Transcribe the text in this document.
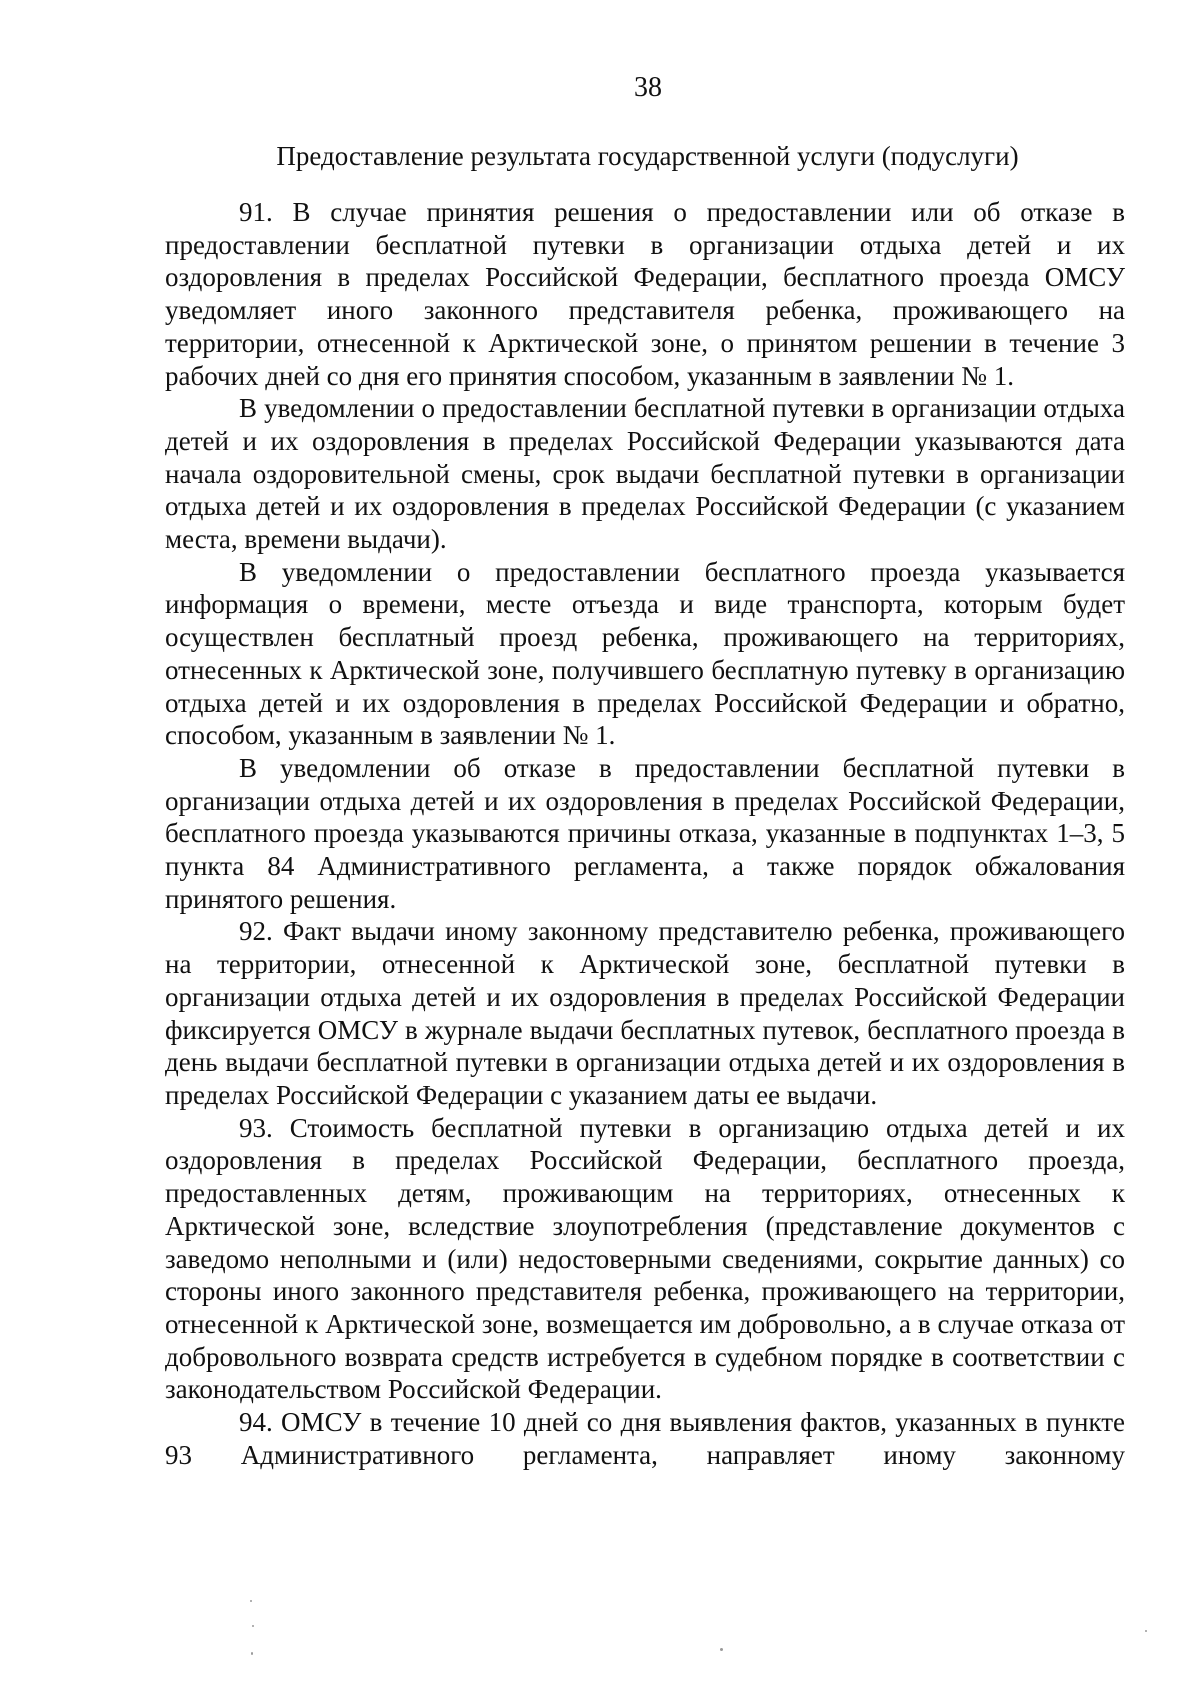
38
Предоставление результата государственной услуги (подуслуги)

91. В случае принятия решения о предоставлении или об отказе в предоставлении бесплатной путевки в организации отдыха детей и их оздоровления в пределах Российской Федерации, бесплатного проезда ОМСУ уведомляет иного законного представителя ребенка, проживающего на территории, отнесенной к Арктической зоне, о принятом решении в течение 3 рабочих дней со дня его принятия способом, указанным в заявлении № 1.

В уведомлении о предоставлении бесплатной путевки в организации отдыха детей и их оздоровления в пределах Российской Федерации указываются дата начала оздоровительной смены, срок выдачи бесплатной путевки в организации отдыха детей и их оздоровления в пределах Российской Федерации (с указанием места, времени выдачи).

В уведомлении о предоставлении бесплатного проезда указывается информация о времени, месте отъезда и виде транспорта, которым будет осуществлен бесплатный проезд ребенка, проживающего на территориях, отнесенных к Арктической зоне, получившего бесплатную путевку в организацию отдыха детей и их оздоровления в пределах Российской Федерации и обратно, способом, указанным в заявлении № 1.

В уведомлении об отказе в предоставлении бесплатной путевки в организации отдыха детей и их оздоровления в пределах Российской Федерации, бесплатного проезда указываются причины отказа, указанные в подпунктах 1–3, 5 пункта 84 Административного регламента, а также порядок обжалования принятого решения.

92. Факт выдачи иному законному представителю ребенка, проживающего на территории, отнесенной к Арктической зоне, бесплатной путевки в организации отдыха детей и их оздоровления в пределах Российской Федерации фиксируется ОМСУ в журнале выдачи бесплатных путевок, бесплатного проезда в день выдачи бесплатной путевки в организации отдыха детей и их оздоровления в пределах Российской Федерации с указанием даты ее выдачи.

93. Стоимость бесплатной путевки в организацию отдыха детей и их оздоровления в пределах Российской Федерации, бесплатного проезда, предоставленных детям, проживающим на территориях, отнесенных к Арктической зоне, вследствие злоупотребления (представление документов с заведомо неполными и (или) недостоверными сведениями, сокрытие данных) со стороны иного законного представителя ребенка, проживающего на территории, отнесенной к Арктической зоне, возмещается им добровольно, а в случае отказа от добровольного возврата средств истребуется в судебном порядке в соответствии с законодательством Российской Федерации.

94. ОМСУ в течение 10 дней со дня выявления фактов, указанных в пункте 93 Административного регламента, направляет иному законному
